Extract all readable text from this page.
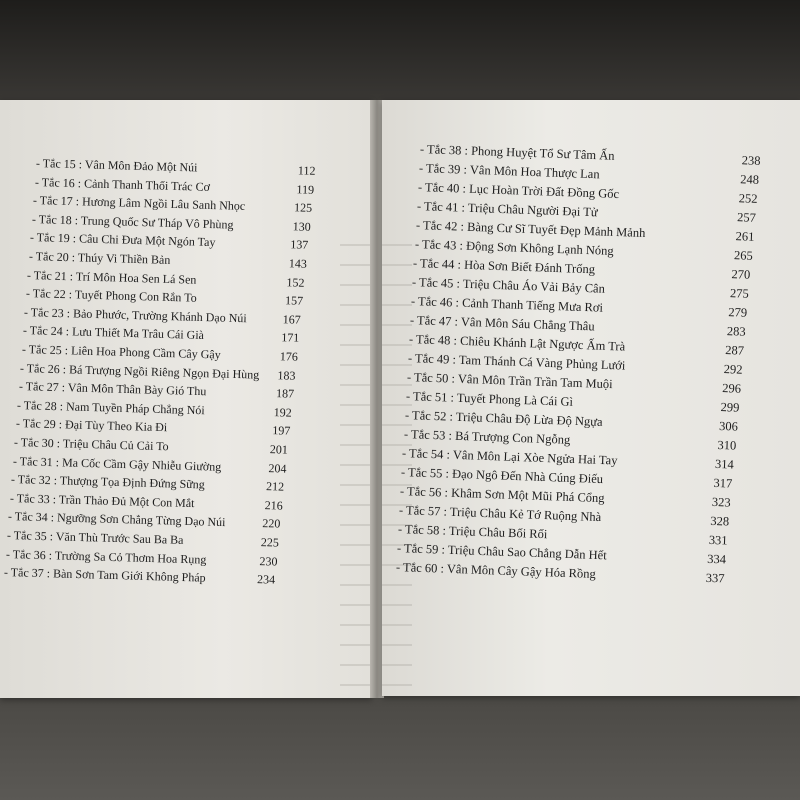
- Tắc 15 : Vân Môn Đảo Một Núi	112
- Tắc 16 : Cảnh Thanh Thối Trác Cơ	119
- Tắc 17 : Hương Lâm Ngồi Lâu Sanh Nhọc	125
- Tắc 18 : Trung Quốc Sư Tháp Vô Phùng	130
- Tắc 19 : Câu Chi Đưa Một Ngón Tay	137
- Tắc 20 : Thúy Vi Thiền Bản	143
- Tắc 21 : Trí Môn Hoa Sen Lá Sen	152
- Tắc 22 : Tuyết Phong Con Rắn To	157
- Tắc 23 : Bảo Phước, Trường Khánh Dạo Núi	167
- Tắc 24 : Lưu Thiết Ma Trâu Cái Già	171
- Tắc 25 : Liên Hoa Phong Cầm Cây Gậy	176
- Tắc 26 : Bá Trượng Ngồi Riêng Ngọn Đại Hùng 183
- Tắc 27 : Vân Môn Thân Bày Gió Thu	187
- Tắc 28 : Nam Tuyền Pháp Chẳng Nói	192
- Tắc 29 : Đại Tùy Theo Kia Đi	197
- Tắc 30 : Triệu Châu Củ Cải To	201
- Tắc 31 : Ma Cốc Cầm Gậy Nhiễu Giường	204
- Tắc 32 : Thượng Tọa Định Đứng Sững	212
- Tắc 33 : Trần Thảo Đủ Một Con Mắt	216
- Tắc 34 : Ngưỡng Sơn Chẳng Từng Dạo Núi	220
- Tắc 35 : Văn Thù Trước Sau Ba Ba	225
- Tắc 36 : Trường Sa Cỏ Thơm Hoa Rụng	230
- Tắc 37 : Bàn Sơn Tam Giới Không Pháp	234
- Tắc 38 : Phong Huyệt Tổ Sư Tâm Ấn	238
- Tắc 39 : Vân Môn Hoa Thược Lan	248
- Tắc 40 : Lục Hoàn Trời Đất Đồng Gốc	252
- Tắc 41 : Triệu Châu Người Đại Tử	257
- Tắc 42 : Bàng Cư Sĩ Tuyết Đẹp Mảnh Mảnh	261
- Tắc 43 : Động Sơn Không Lạnh Nóng	265
- Tắc 44 : Hòa Sơn Biết Đánh Trống	270
- Tắc 45 : Triệu Châu Áo Vải Bảy Cân	275
- Tắc 46 : Cảnh Thanh Tiếng Mưa Rơi	279
- Tắc 47 : Vân Môn Sáu Chẳng Thâu	283
- Tắc 48 : Chiêu Khánh Lật Ngược Ấm Trà	287
- Tắc 49 : Tam Thánh Cá Vàng Phủng Lưới	292
- Tắc 50 : Vân Môn Trần Trần Tam Muội	296
- Tắc 51 : Tuyết Phong Là Cái Gì	299
- Tắc 52 : Triệu Châu Độ Lừa Độ Ngựa	306
- Tắc 53 : Bá Trượng Con Ngỗng	310
- Tắc 54 : Vân Môn Lại Xòe Ngửa Hai Tay	314
- Tắc 55 : Đạo Ngô Đến Nhà Cúng Điếu	317
- Tắc 56 : Khâm Sơn Một Mũi Phá Cổng	323
- Tắc 57 : Triệu Châu Kẻ Tớ Ruộng Nhà	328
- Tắc 58 : Triệu Châu Bối Rối	331
- Tắc 59 : Triệu Châu Sao Chẳng Dẫn Hết	334
- Tắc 60 : Vân Môn Cây Gậy Hóa Rồng	337
